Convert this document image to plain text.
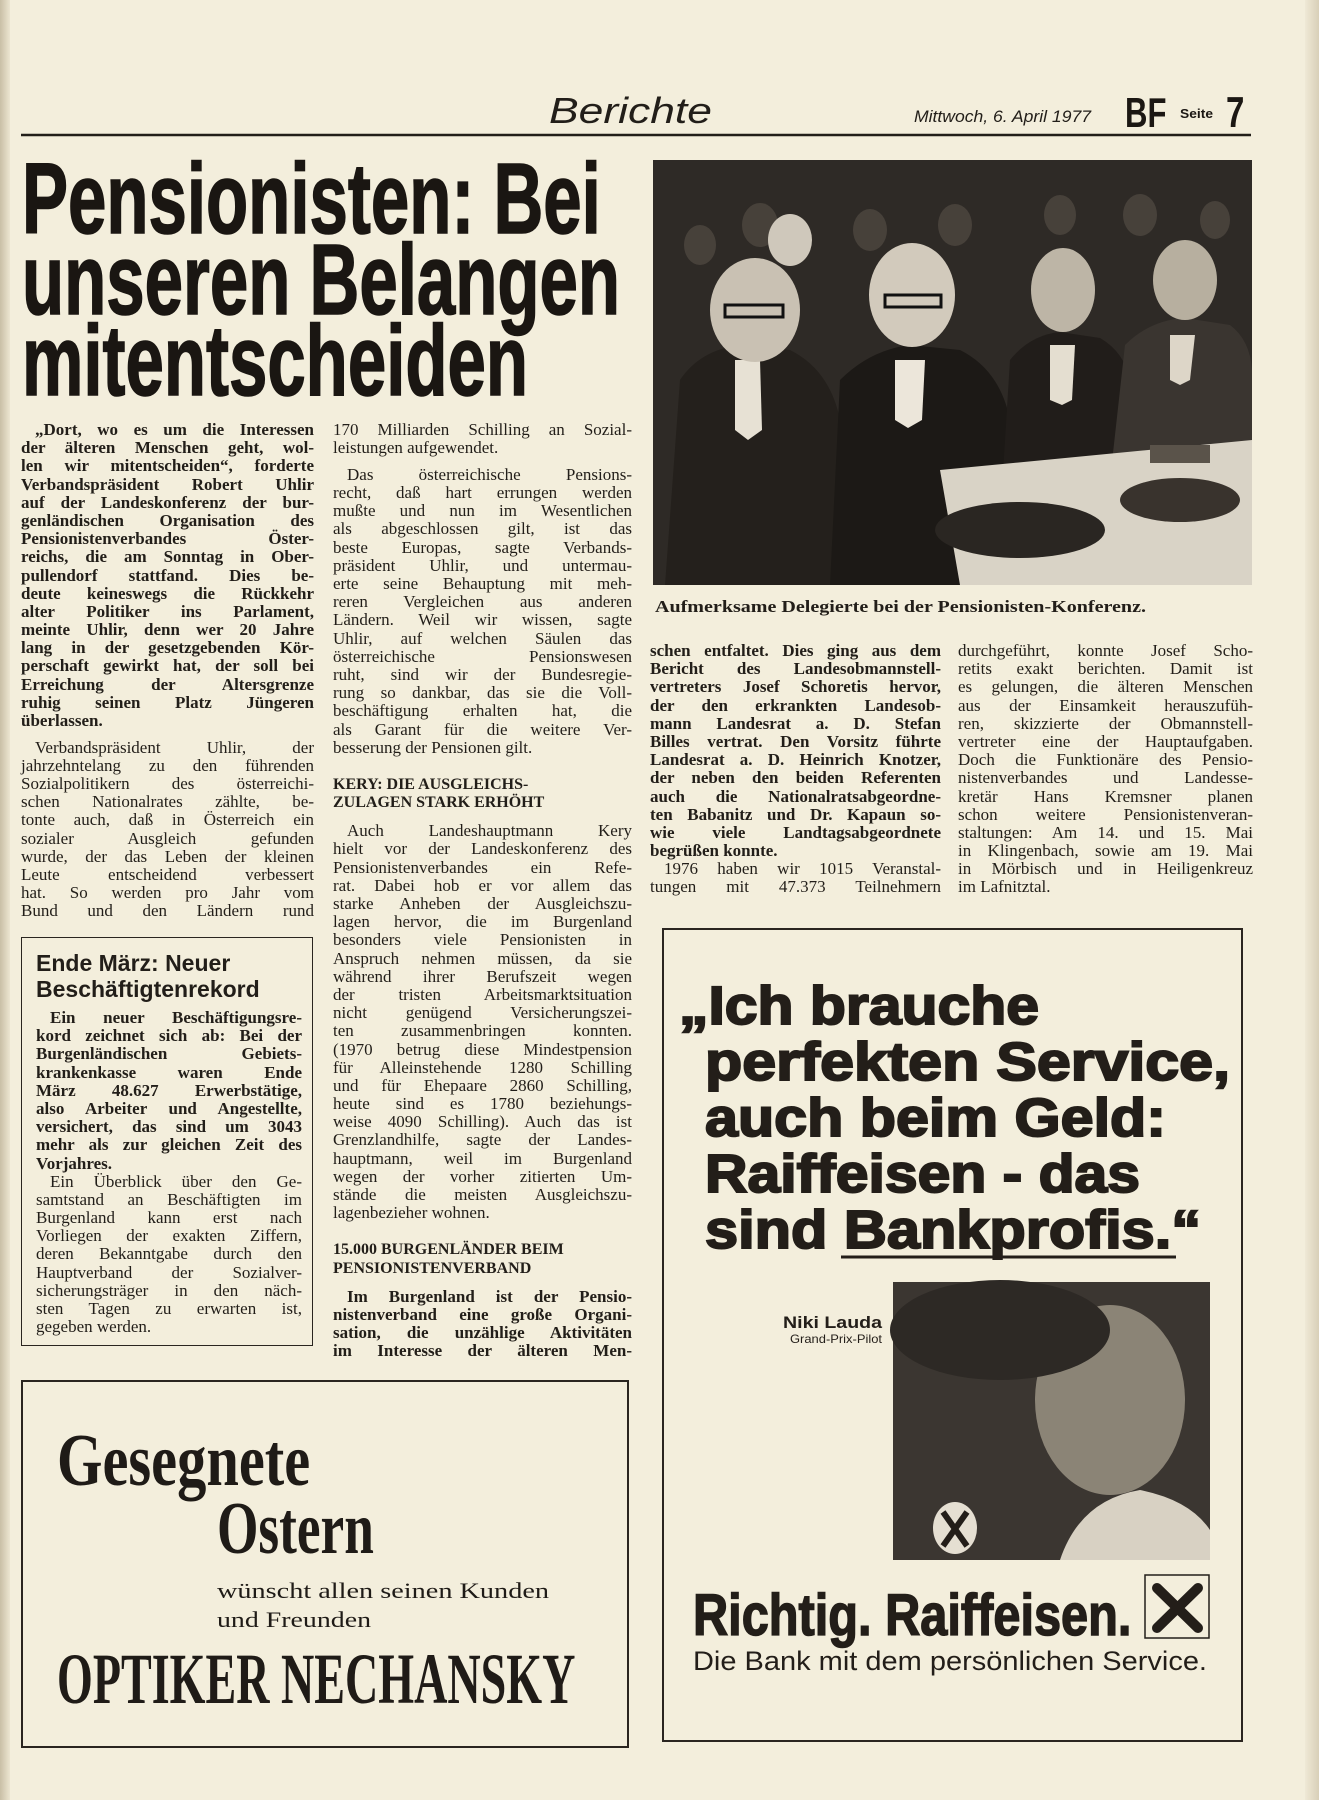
„Dort, wo es um die Interessen
der älteren Menschen geht, wol-
len wir mitentscheiden“, forderte
Verbandspräsident Robert Uhlir
auf der Landeskonferenz der bur-
genländischen Organisation des
Pensionistenverbandes Öster-
reichs, die am Sonntag in Ober-
pullendorf stattfand. Dies be-
deute keineswegs die Rückkehr
alter Politiker ins Parlament,
meinte Uhlir, denn wer 20 Jahre
lang in der gesetzgebenden Kör-
perschaft gewirkt hat, der soll bei
Erreichung der Altersgrenze
ruhig seinen Platz Jüngeren
überlassen.
Verbandspräsident Uhlir, der
jahrzehntelang zu den führenden
Sozialpolitikern des österreichi-
schen Nationalrates zählte, be-
tonte auch, daß in Österreich ein
sozialer Ausgleich gefunden
wurde, der das Leben der kleinen
Leute entscheidend verbessert
hat. So werden pro Jahr vom
Bund und den Ländern rund
170 Milliarden Schilling an Sozial-
leistungen aufgewendet.
Das österreichische Pensions-
recht, daß hart errungen werden
mußte und nun im Wesentlichen
als abgeschlossen gilt, ist das
beste Europas, sagte Verbands-
präsident Uhlir, und untermau-
erte seine Behauptung mit meh-
reren Vergleichen aus anderen
Ländern. Weil wir wissen, sagte
Uhlir, auf welchen Säulen das
österreichische Pensionswesen
ruht, sind wir der Bundesregie-
rung so dankbar, das sie die Voll-
beschäftigung erhalten hat, die
als Garant für die weitere Ver-
besserung der Pensionen gilt.
KERY: DIE AUSGLEICHS-
ZULAGEN STARK ERHÖHT
Auch Landeshauptmann Kery
hielt vor der Landeskonferenz des
Pensionistenverbandes ein Refe-
rat. Dabei hob er vor allem das
starke Anheben der Ausgleichszu-
lagen hervor, die im Burgenland
besonders viele Pensionisten in
Anspruch nehmen müssen, da sie
während ihrer Berufszeit wegen
der tristen Arbeitsmarktsituation
nicht genügend Versicherungszei-
ten zusammenbringen konnten.
(1970 betrug diese Mindestpension
für Alleinstehende 1280 Schilling
und für Ehepaare 2860 Schilling,
heute sind es 1780 beziehungs-
weise 4090 Schilling). Auch das ist
Grenzlandhilfe, sagte der Landes-
hauptmann, weil im Burgenland
wegen der vorher zitierten Um-
stände die meisten Ausgleichszu-
lagenbezieher wohnen.
15.000 BURGENLÄNDER BEIM
PENSIONISTENVERBAND
Im Burgenland ist der Pensio-
nistenverband eine große Organi-
sation, die unzählige Aktivitäten
im Interesse der älteren Men-
schen entfaltet. Dies ging aus dem
Bericht des Landesobmannstell-
vertreters Josef Schoretis hervor,
der den erkrankten Landesob-
mann Landesrat a. D. Stefan
Billes vertrat. Den Vorsitz führte
Landesrat a. D. Heinrich Knotzer,
der neben den beiden Referenten
auch die Nationalratsabgeordne-
ten Babanitz und Dr. Kapaun so-
wie viele Landtagsabgeordnete
begrüßen konnte.
1976 haben wir 1015 Veranstal-
tungen mit 47.373 Teilnehmern
durchgeführt, konnte Josef Scho-
retits exakt berichten. Damit ist
es gelungen, die älteren Menschen
aus der Einsamkeit herauszufüh-
ren, skizzierte der Obmannstell-
vertreter eine der Hauptaufgaben.
Doch die Funktionäre des Pensio-
nistenverbandes und Landesse-
kretär Hans Kremsner planen
schon weitere Pensionistenveran-
staltungen: Am 14. und 15. Mai
in Klingenbach, sowie am 19. Mai
in Mörbisch und in Heiligenkreuz
im Lafnitztal.
Ende März: Neuer
Beschäftigtenrekord
Ein neuer Beschäftigungsre-
kord zeichnet sich ab: Bei der
Burgenländischen Gebiets-
krankenkasse waren Ende
März 48.627 Erwerbstätige,
also Arbeiter und Angestellte,
versichert, das sind um 3043
mehr als zur gleichen Zeit des
Vorjahres.
Ein Überblick über den Ge-
samtstand an Beschäftigten im
Burgenland kann erst nach
Vorliegen der exakten Ziffern,
deren Bekanntgabe durch den
Hauptverband der Sozialver-
sicherungsträger in den näch-
sten Tagen zu erwarten ist,
gegeben werden.
Berichte	Mittwoch, 6. April 1977 BF Seite 7
Pensionisten: Bei
unseren Belangen
mitentscheiden
Aufmerksame Delegierte bei der Pensionisten-Konferenz.
„Ich brauche
perfekten Service,
auch beim Geld:
Raiffeisen - das
sind Bankprofis.“
Niki Lauda
Grand-Prix-Pilot
Richtig. Raiffeisen.
Die Bank mit dem persönlichen Service.
Gesegnete
Ostern
wünscht allen seinen Kunden
und Freunden
OPTIKER NECHANSKY
